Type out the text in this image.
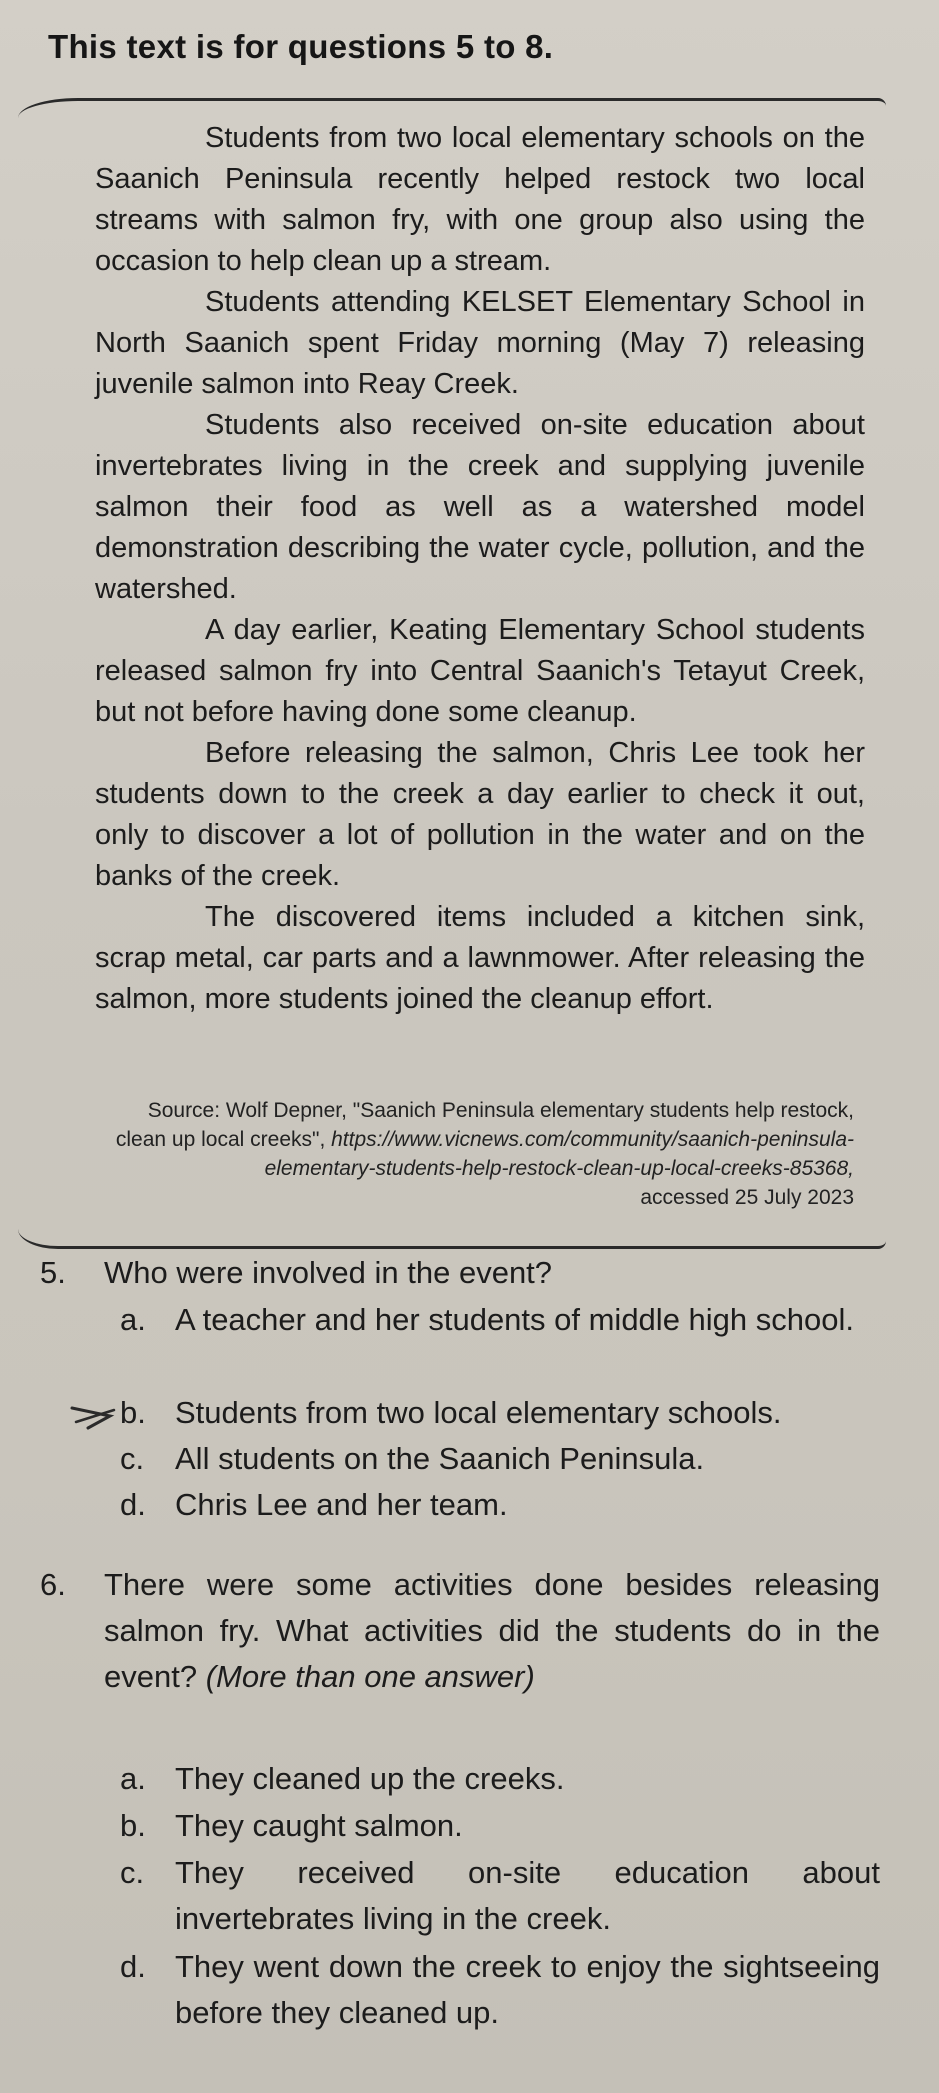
This text is for questions 5 to 8.

Students from two local elementary schools on the Saanich Peninsula recently helped restock two local streams with salmon fry, with one group also using the occasion to help clean up a stream.

Students attending KELSET Elementary School in North Saanich spent Friday morning (May 7) releasing juvenile salmon into Reay Creek.

Students also received on-site education about invertebrates living in the creek and supplying juvenile salmon their food as well as a watershed model demonstration describing the water cycle, pollution, and the watershed.

A day earlier, Keating Elementary School students released salmon fry into Central Saanich's Tetayut Creek, but not before having done some cleanup.

Before releasing the salmon, Chris Lee took her students down to the creek a day earlier to check it out, only to discover a lot of pollution in the water and on the banks of the creek.

The discovered items included a kitchen sink, scrap metal, car parts and a lawnmower. After releasing the salmon, more students joined the cleanup effort.

Source: Wolf Depner, "Saanich Peninsula elementary students help restock, clean up local creeks", https://www.vicnews.com/community/saanich-peninsula-elementary-students-help-restock-clean-up-local-creeks-85368,
accessed 25 July 2023
5.	Who were involved in the event?
a. A teacher and her students of middle high school.
b. Students from two local elementary schools.
c. All students on the Saanich Peninsula.
d. Chris Lee and her team.
6.	There were some activities done besides releasing salmon fry. What activities did the students do in the event? (More than one answer)
a. They cleaned up the creeks.
b. They caught salmon.
c. They received on-site education about invertebrates living in the creek.
d. They went down the creek to enjoy the sightseeing before they cleaned up.
